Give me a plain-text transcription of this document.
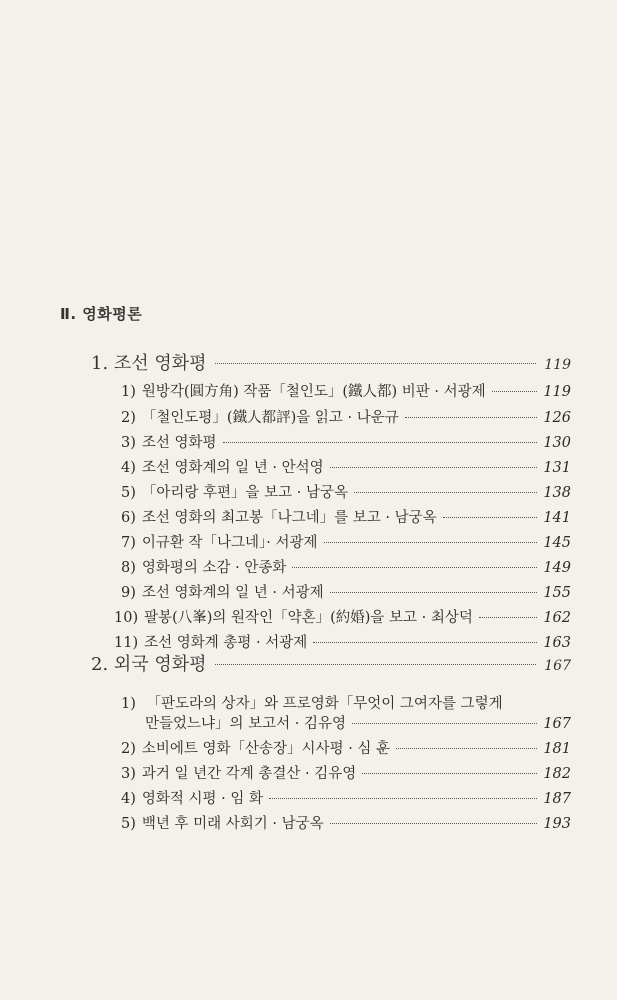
Ⅱ. 영화평론
1. 조선 영화평	119
1) 원방각(圓方角) 작품「철인도」(鐵人都) 비판 · 서광제	119
2) 「철인도평」(鐵人都評)을 읽고 · 나운규	126
3) 조선 영화평	130
4) 조선 영화계의 일 년 · 안석영	131
5) 「아리랑 후편」을 보고 · 남궁옥	138
6) 조선 영화의 최고봉「나그네」를 보고 · 남궁옥	141
7) 이규환 작「나그네」· 서광제	145
8) 영화평의 소감 · 안종화	149
9) 조선 영화계의 일 년 · 서광제	155
10) 팔봉(八峯)의 원작인「약혼」(約婚)을 보고 · 최상덕	162
11) 조선 영화계 총평 · 서광제	163
2. 외국 영화평	167
1) 「판도라의 상자」와 프로영화「무엇이 그여자를 그렇게
만들었느냐」의 보고서 · 김유영	167
2) 소비에트 영화「산송장」시사평 · 심 훈	181
3) 과거 일 년간 각계 총결산 · 김유영	182
4) 영화적 시평 · 임 화	187
5) 백년 후 미래 사회기 · 남궁옥	193
